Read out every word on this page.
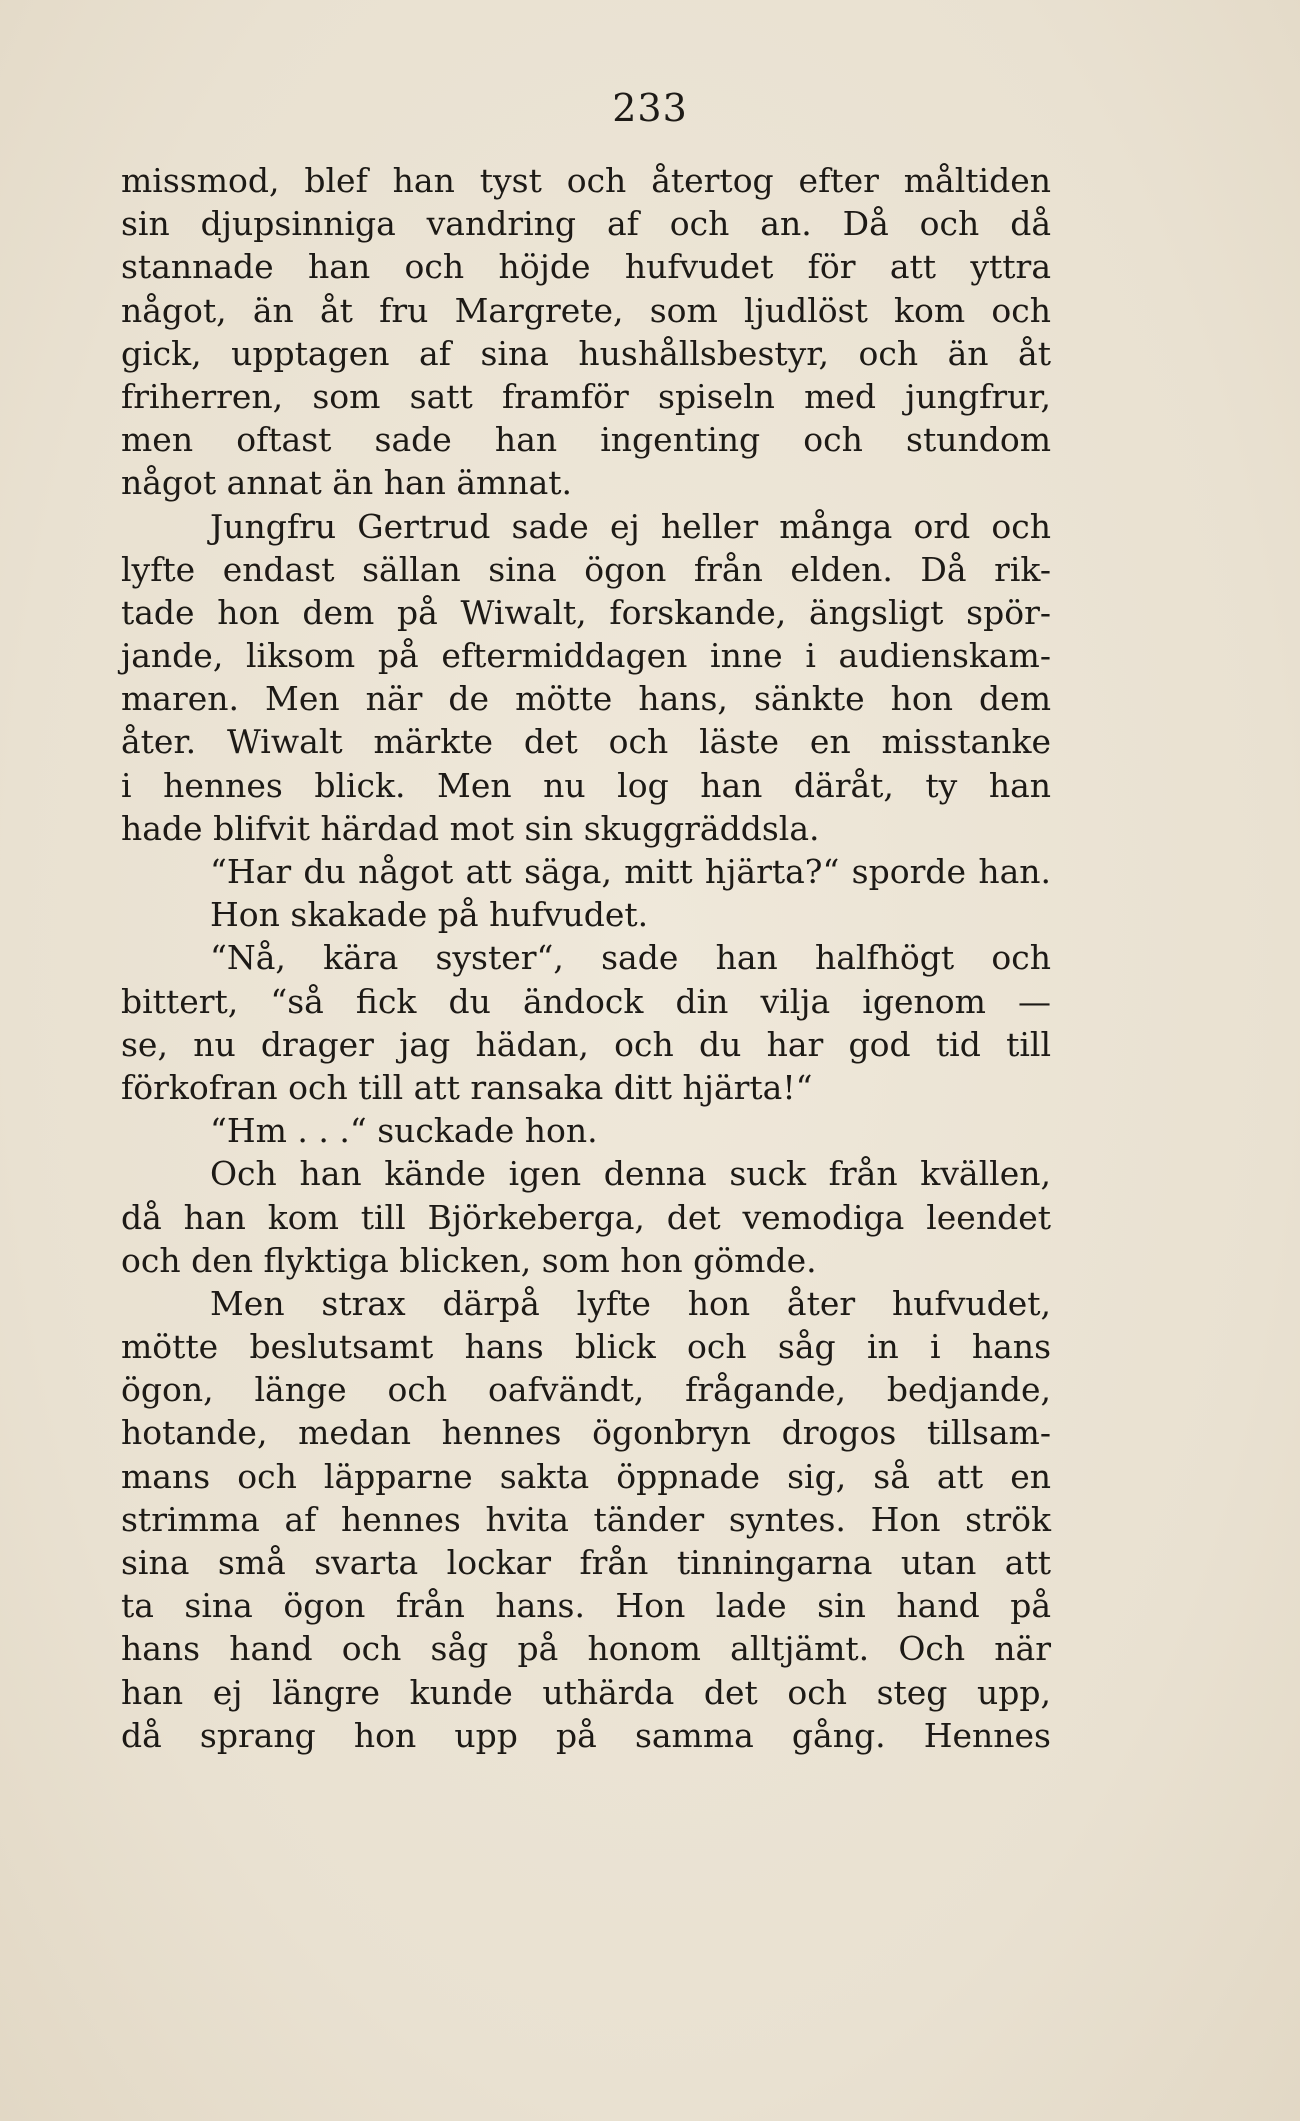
233
missmod, blef han tyst och återtog efter måltiden
sin djupsinniga vandring af och an. Då och då
stannade han och höjde hufvudet för att yttra
något, än åt fru Margrete, som ljudlöst kom och
gick, upptagen af sina hushållsbestyr, och än åt
friherren, som satt framför spiseln med jungfrur,
men oftast sade han ingenting och stundom
något annat än han ämnat.
Jungfru Gertrud sade ej heller många ord och
lyfte endast sällan sina ögon från elden. Då rik-
tade hon dem på Wiwalt, forskande, ängsligt spör-
jande, liksom på eftermiddagen inne i audienskam-
maren. Men när de mötte hans, sänkte hon dem
åter. Wiwalt märkte det och läste en misstanke
i hennes blick. Men nu log han däråt, ty han
hade blifvit härdad mot sin skuggräddsla.
“Har du något att säga, mitt hjärta?“ sporde han.
Hon skakade på hufvudet.
“Nå, kära syster“, sade han halfhögt och
bittert, “så fick du ändock din vilja igenom —
se, nu drager jag hädan, och du har god tid till
förkofran och till att ransaka ditt hjärta!“
“Hm . . .“ suckade hon.
Och han kände igen denna suck från kvällen,
då han kom till Björkeberga, det vemodiga leendet
och den flyktiga blicken, som hon gömde.
Men strax därpå lyfte hon åter hufvudet,
mötte beslutsamt hans blick och såg in i hans
ögon, länge och oafvändt, frågande, bedjande,
hotande, medan hennes ögonbryn drogos tillsam-
mans och läpparne sakta öppnade sig, så att en
strimma af hennes hvita tänder syntes. Hon strök
sina små svarta lockar från tinningarna utan att
ta sina ögon från hans. Hon lade sin hand på
hans hand och såg på honom alltjämt. Och när
han ej längre kunde uthärda det och steg upp,
då sprang hon upp på samma gång. Hennes
